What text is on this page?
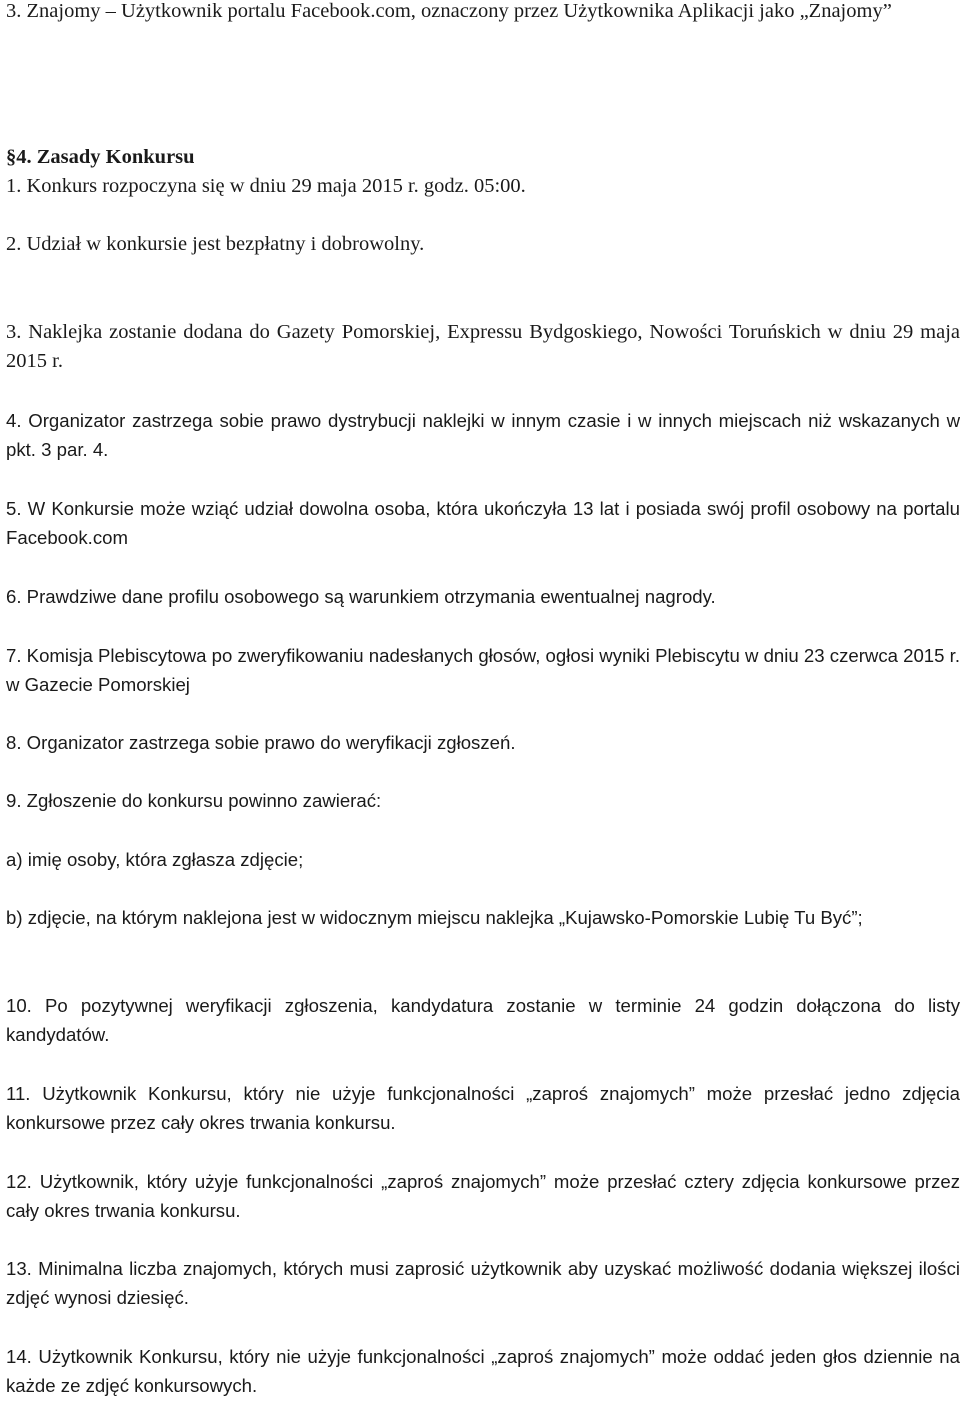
3. Znajomy – Użytkownik portalu Facebook.com, oznaczony przez Użytkownika Aplikacji jako „Znajomy”

§4. Zasady Konkursu

1. Konkurs rozpoczyna się w dniu 29 maja 2015 r. godz. 05:00.

2. Udział w konkursie jest bezpłatny i dobrowolny.

3. Naklejka zostanie dodana do Gazety Pomorskiej, Expressu Bydgoskiego, Nowości Toruńskich w dniu 29 maja 2015 r.

4. Organizator zastrzega sobie prawo dystrybucji naklejki w innym czasie i w innych miejscach niż wskazanych w pkt. 3 par. 4.

5. W Konkursie może wziąć udział dowolna osoba, która ukończyła 13 lat i posiada swój profil osobowy na portalu Facebook.com

6. Prawdziwe dane profilu osobowego są warunkiem otrzymania ewentualnej nagrody.

7. Komisja Plebiscytowa po zweryfikowaniu nadesłanych głosów, ogłosi wyniki Plebiscytu w dniu 23 czerwca 2015 r. w Gazecie Pomorskiej

8. Organizator zastrzega sobie prawo do weryfikacji zgłoszeń.

9. Zgłoszenie do konkursu powinno zawierać:

a) imię osoby, która zgłasza zdjęcie;

b) zdjęcie, na którym naklejona jest w widocznym miejscu naklejka „Kujawsko-Pomorskie Lubię Tu Być”;

10. Po pozytywnej weryfikacji zgłoszenia, kandydatura zostanie w terminie 24 godzin dołączona do listy kandydatów.

11. Użytkownik Konkursu, który nie użyje funkcjonalności „zaproś znajomych” może przesłać jedno zdjęcia konkursowe przez cały okres trwania konkursu.

12. Użytkownik, który użyje funkcjonalności „zaproś znajomych” może przesłać cztery zdjęcia konkursowe przez cały okres trwania konkursu.

13. Minimalna liczba znajomych, których musi zaprosić użytkownik aby uzyskać możliwość dodania większej ilości zdjęć wynosi dziesięć.

14. Użytkownik Konkursu, który nie użyje funkcjonalności „zaproś znajomych” może oddać jeden głos dziennie na każde ze zdjęć konkursowych.
